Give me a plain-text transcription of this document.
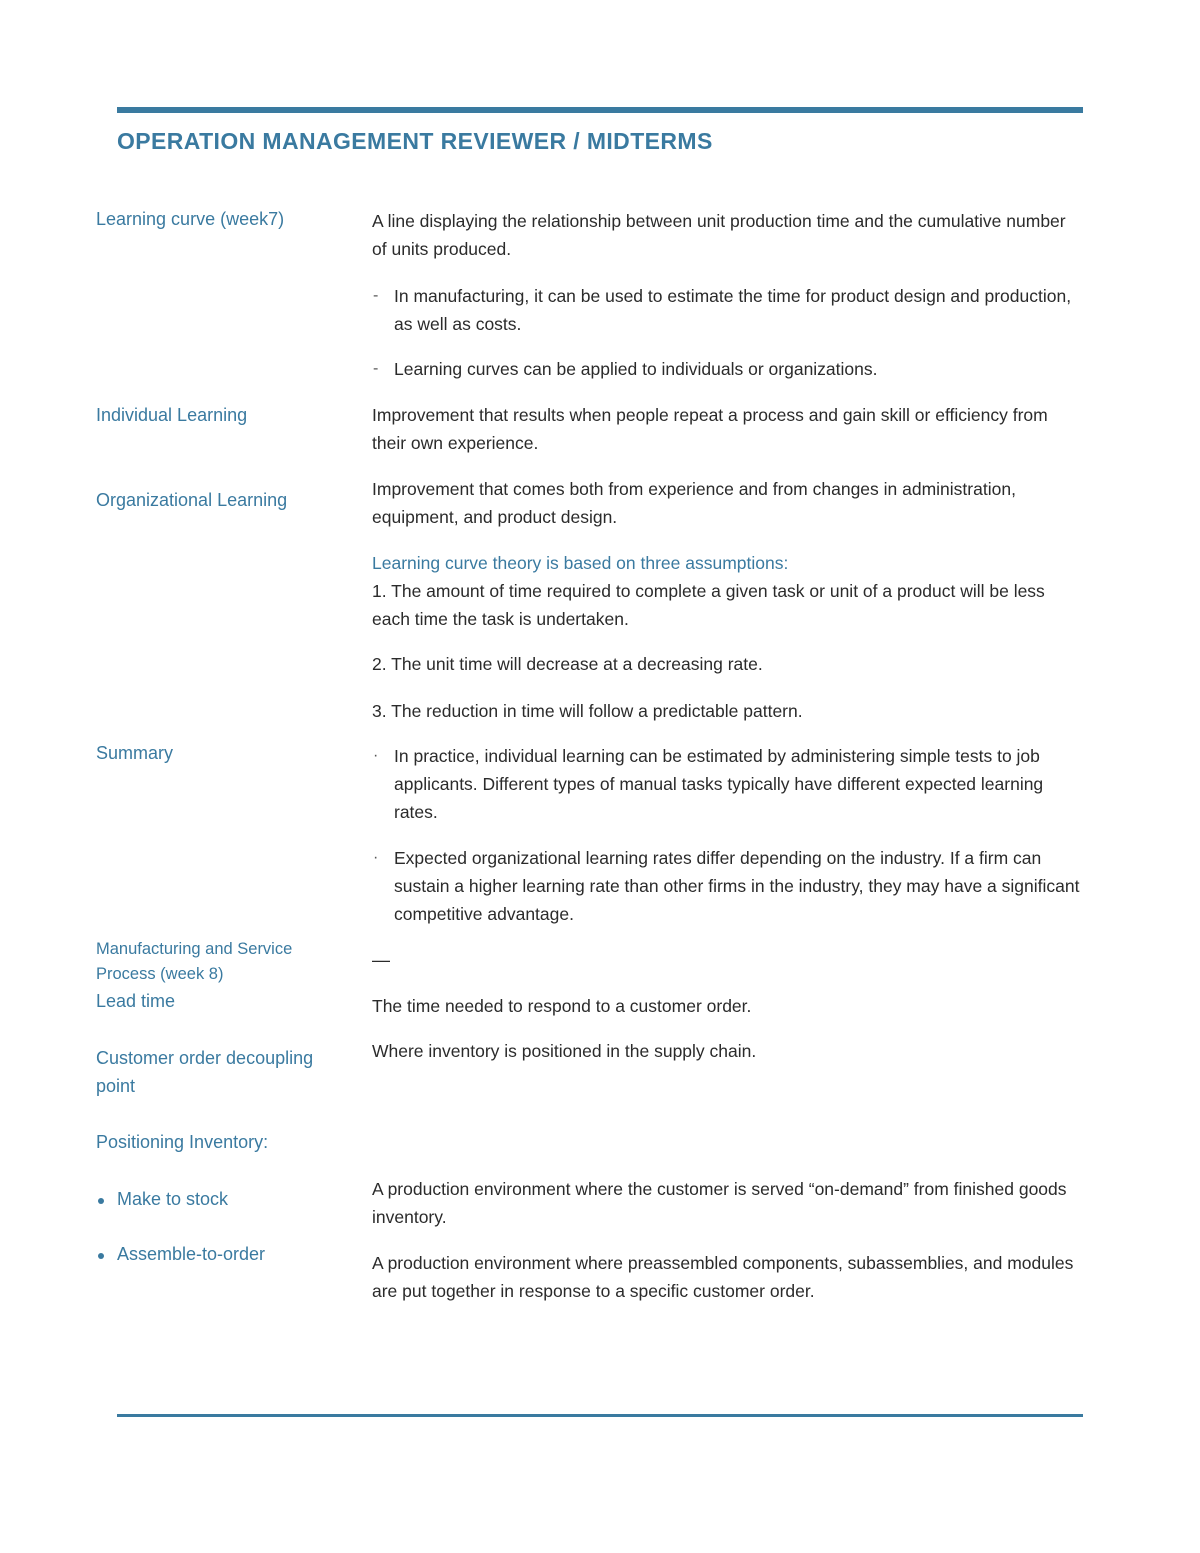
OPERATION MANAGEMENT REVIEWER / MIDTERMS
Learning curve (week7)
Individual Learning
Organizational Learning
Summary
Manufacturing and Service
Process (week 8)
Lead time
Customer order decoupling
point
Positioning Inventory:
Make to stock
Assemble-to-order
A line displaying the relationship between unit production time and the cumulative number of units produced.
- In manufacturing, it can be used to estimate the time for product design and production, as well as costs.
- Learning curves can be applied to individuals or organizations.
Improvement that results when people repeat a process and gain skill or efficiency from their own experience.
Improvement that comes both from experience and from changes in administration, equipment, and product design.
Learning curve theory is based on three assumptions:
1. The amount of time required to complete a given task or unit of a product will be less each time the task is undertaken.
2. The unit time will decrease at a decreasing rate.
3. The reduction in time will follow a predictable pattern.
· In practice, individual learning can be estimated by administering simple tests to job applicants. Different types of manual tasks typically have different expected learning rates.
· Expected organizational learning rates differ depending on the industry. If a firm can sustain a higher learning rate than other firms in the industry, they may have a significant competitive advantage.
—
The time needed to respond to a customer order.
Where inventory is positioned in the supply chain.
A production environment where the customer is served “on-demand” from finished goods inventory.
A production environment where preassembled components, subassemblies, and modules are put together in response to a specific customer order.
